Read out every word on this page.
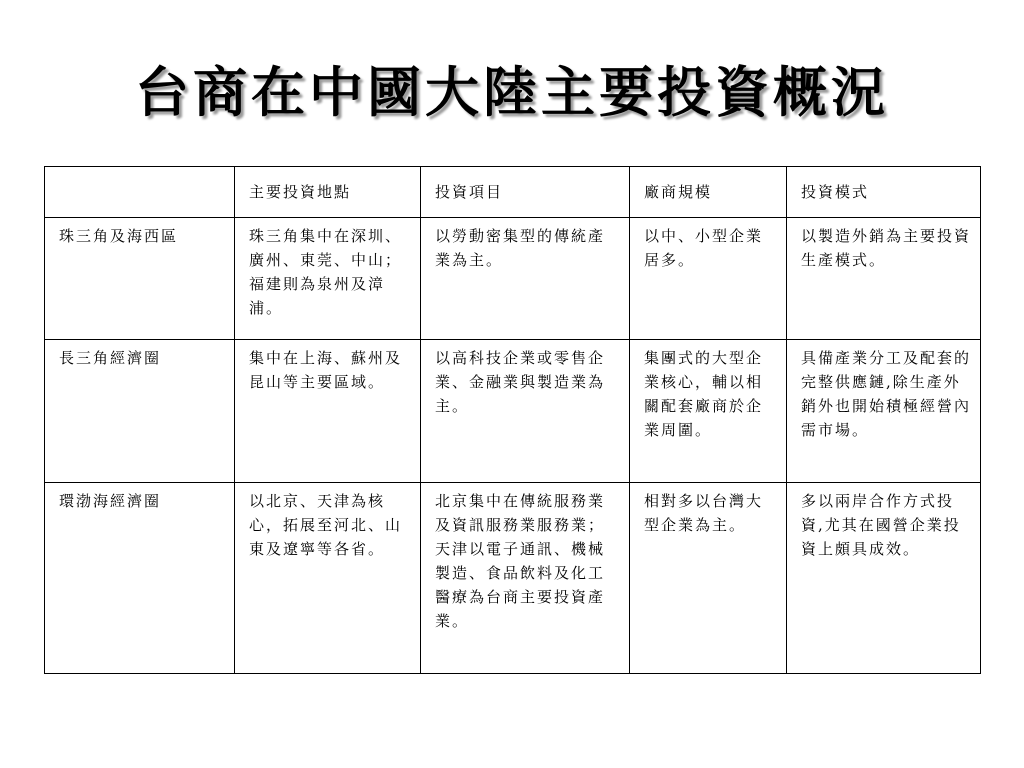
台商在中國大陸主要投資概況
	主要投資地點	投資項目	廠商規模	投資模式
珠三角及海西區	珠三角集中在深圳、廣州、東莞、中山；福建則為泉州及漳浦。	以勞動密集型的傳統產業為主。	以中、小型企業居多。	以製造外銷為主要投資生產模式。
長三角經濟圈	集中在上海、蘇州及昆山等主要區域。	以高科技企業或零售企業、金融業與製造業為主。	集團式的大型企業核心，輔以相關配套廠商於企業周圍。	具備產業分工及配套的完整供應鏈,除生產外銷外也開始積極經營內需市場。
環渤海經濟圈	以北京、天津為核心，拓展至河北、山東及遼寧等各省。	北京集中在傳統服務業及資訊服務業服務業；天津以電子通訊、機械製造、食品飲料及化工醫療為台商主要投資產業。	相對多以台灣大型企業為主。	多以兩岸合作方式投資,尤其在國營企業投資上頗具成效。
